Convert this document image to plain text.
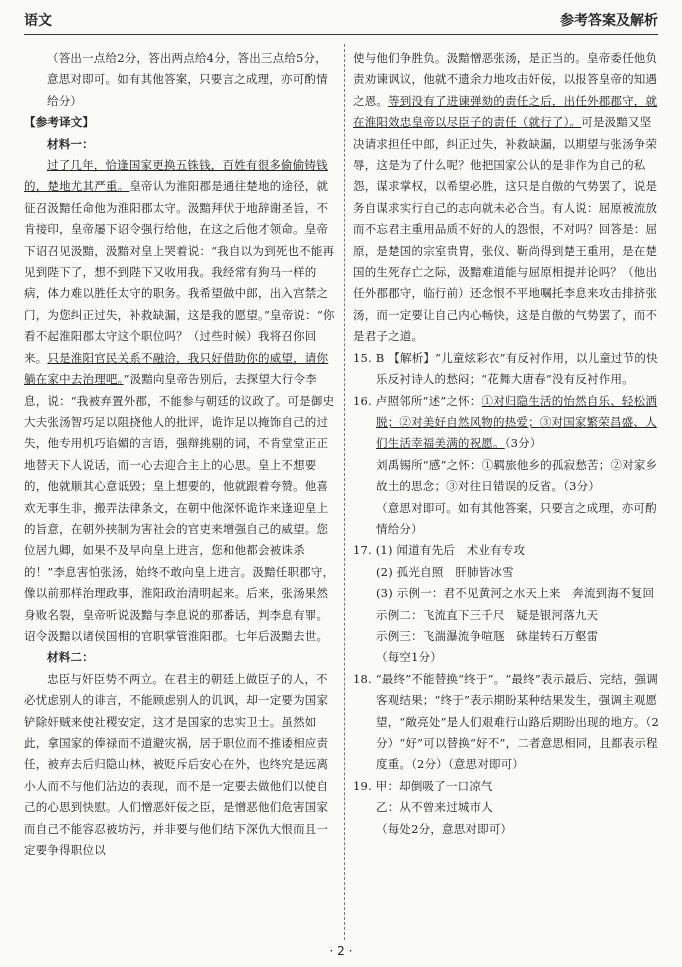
语文	参考答案及解析

（答出一点给2分，答出两点给4分，答出三点给5分，意思对即可。如有其他答案，只要言之成理，亦可酌情给分）

【参考译文】

材料一：

过了几年，恰逢国家更换五铢钱，百姓有很多偷偷铸钱的，楚地尤其严重。皇帝认为淮阳郡是通往楚地的途径，就征召汲黯任命他为淮阳郡太守。汲黯拜伏于地辞谢圣旨，不肯接印，皇帝屡下诏令强行给他，在这之后他才领命。皇帝下诏召见汲黯，汲黯对皇上哭着说：“我自以为到死也不能再见到陛下了，想不到陛下又收用我。我经常有狗马一样的病，体力难以胜任太守的职务。我希望做中郎，出入宫禁之门，为您纠正过失，补救缺漏，这是我的愿望。”皇帝说：“你看不起淮阳郡太守这个职位吗？（过些时候）我将召你回来。只是淮阳官民关系不融洽，我只好借助你的威望，请你躺在家中去治理吧。”汲黯向皇帝告别后，去探望大行令李息，说：“我被弃置外郡，不能参与朝廷的议政了。可是御史大夫张汤智巧足以阻挠他人的批评，诡诈足以掩饰自己的过失，他专用机巧谄媚的言语，强辩挑剔的词，不肯堂堂正正地替天下人说话，而一心去迎合主上的心思。皇上不想要的，他就顺其心意诋毁；皇上想要的，他就跟着夸赞。他喜欢无事生非，搬弄法律条文，在朝中他深怀诡诈来逢迎皇上的旨意，在朝外挟制为害社会的官吏来增强自己的威望。您位居九卿，如果不及早向皇上进言，您和他都会被诛杀的！”李息害怕张汤，始终不敢向皇上进言。汲黯任职郡守，像以前那样治理政事，淮阳政治清明起来。后来，张汤果然身败名裂，皇帝听说汲黯与李息说的那番话，判李息有罪。诏令汲黯以诸侯国相的官职掌管淮阳郡。七年后汲黯去世。

材料二：

忠臣与奸臣势不两立。在君主的朝廷上做臣子的人，不必忧虑别人的诽言，不能顾虑别人的讥讽，却一定要为国家铲除奸贼来使社稷安定，这才是国家的忠实卫士。虽然如此，拿国家的俸禄而不道避灾祸，居于职位而不推诿相应责任，被弃去后归隐山林，被贬斥后安心在外，也终究是远离小人而不与他们沾边的表现，而不是一定要去做他们以使自己的心思到快慰。人们憎恶奸佞之臣，是憎恶他们危害国家而自己不能容忍被坊污，并非要与他们结下深仇大恨而且一定要争得职位以

使与他们争胜负。汲黯憎恶张汤，是正当的。皇帝委任他负责劝谏讽议，他就不遗余力地攻击奸佞，以报答皇帝的知遇之恩。等到没有了进谏弹劾的责任之后，出任外郡郡守，就在淮阳效忠皇帝以尽臣子的责任（就行了）。可是汲黯又坚决请求担任中郎，纠正过失，补救缺漏，以期望与张汤争荣辱，这是为了什么呢？他把国家公认的是非作为自己的私怨，谋求掌权，以希望必胜，这只是自傲的气势罢了，说是务自谋求实行自己的志向就未必合当。有人说：屈原被流放而不忘君主重用品质不好的人的怨恨，不对吗？回答是：屈原，是楚国的宗室贵胄，张仪、靳尚得到楚王重用，是在楚国的生死存亡之际，汲黯难道能与屈原相提并论吗？（他出任外郡郡守，临行前）还念恨不平地嘱托李息来攻击排挤张汤，而一定要让自己内心畅快，这是自傲的气势罢了，而不是君子之道。

15. B 【解析】“儿童炫彩衣”有反衬作用，以儿童过节的快乐反衬诗人的愁闷；“花舞大唐春”没有反衬作用。

16. 卢照邻所“述”之怀：①对归隐生活的怡然自乐、轻松洒脱；②对美好自然风物的热爱；③对国家繁荣昌盛、人们生活幸福美满的祝愿。（3分）

刘禹锡所“感”之怀：①羁旅他乡的孤寂愁苦；②对家乡故土的思念；③对往日错误的反省。（3分）

（意思对即可。如有其他答案，只要言之成理，亦可酌情给分）

17. (1) 闻道有先后　术业有专攻

(2) 孤光自照　肝肺皆冰雪

(3) 示例一：君不见黄河之水天上来　奔流到海不复回

示例二：飞流直下三千尺　疑是银河落九天

示例三：飞湍瀑流争喧豗　砯崖转石万壑雷

（每空1分）

18. “最终”不能替换“终于”。“最终”表示最后、完结，强调客观结果；“终于”表示期盼某种结果发生，强调主观愿望，“敞亮处”是人们艰难行山路后期盼出现的地方。（2分）“好”可以替换“好不”，二者意思相同，且都表示程度重。（2分）（意思对即可）

19. 甲：却倒吸了一口凉气

乙：从不曾来过城市人

（每处2分，意思对即可）

· 2 ·
